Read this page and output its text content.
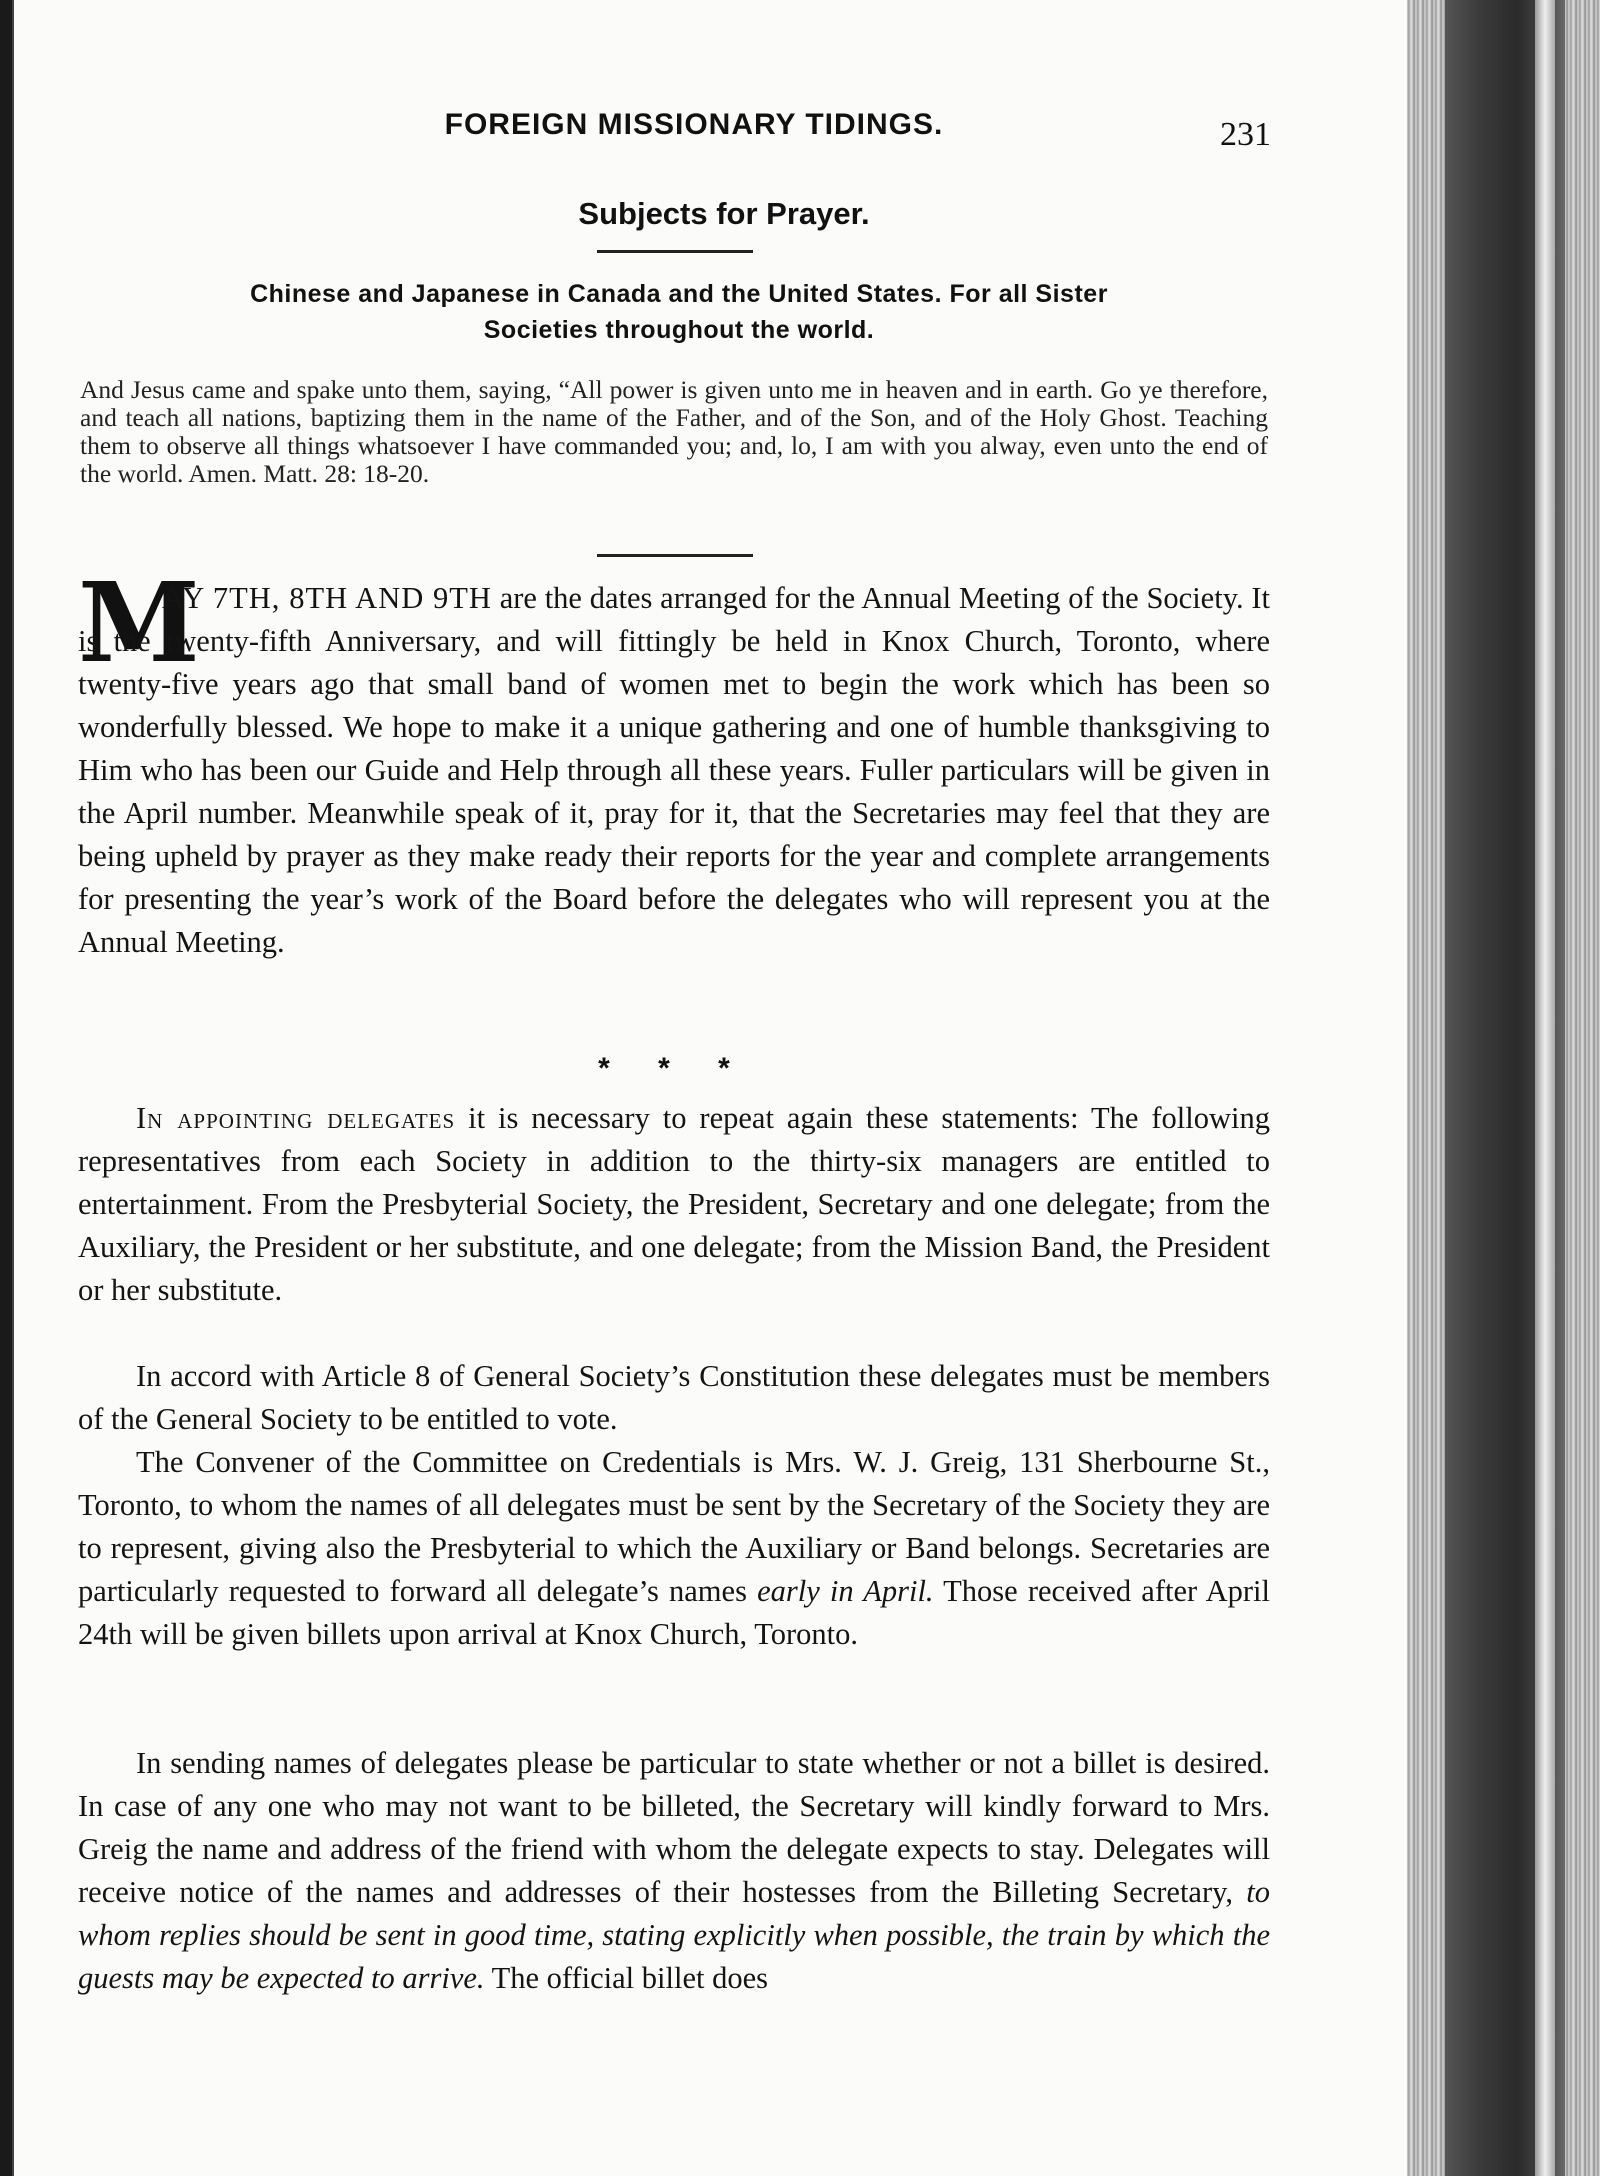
FOREIGN MISSIONARY TIDINGS.	231
Subjects for Prayer.
Chinese and Japanese in Canada and the United States. For all Sister
Societies throughout the world.
And Jesus came and spake unto them, saying, “All power is given unto me in heaven and in earth. Go ye therefore, and teach all nations, baptizing them in the name of the Father, and of the Son, and of the Holy Ghost. Teaching them to observe all things whatsoever I have commanded you; and, lo, I am with you alway, even unto the end of the world. Amen. Matt. 28: 18-20.
M

AY 7TH, 8TH AND 9TH are the dates arranged for the Annual Meeting of the Society. It is the twenty-fifth Anniversary, and will fittingly be held in Knox Church, Toronto, where twenty-five years ago that small band of women met to begin the work which has been so wonderfully blessed. We hope to make it a unique gathering and one of humble thanksgiving to Him who has been our Guide and Help through all these years. Fuller particulars will be given in the April number. Meanwhile speak of it, pray for it, that the Secretaries may feel that they are being upheld by prayer as they make ready their reports for the year and complete arrangements for presenting the year’s work of the Board before the delegates who will represent you at the Annual Meeting.

* * *

In appointing delegates it is necessary to repeat again these statements: The following representatives from each Society in addition to the thirty-six managers are entitled to entertainment. From the Presbyterial Society, the President, Secretary and one delegate; from the Auxiliary, the President or her substitute, and one delegate; from the Mission Band, the President or her substitute.

In accord with Article 8 of General Society’s Constitution these delegates must be members of the General Society to be entitled to vote.

The Convener of the Committee on Credentials is Mrs. W. J. Greig, 131 Sherbourne St., Toronto, to whom the names of all delegates must be sent by the Secretary of the Society they are to represent, giving also the Presbyterial to which the Auxiliary or Band belongs. Secretaries are particularly requested to forward all delegate’s names early in April. Those received after April 24th will be given billets upon arrival at Knox Church, Toronto.

In sending names of delegates please be particular to state whether or not a billet is desired. In case of any one who may not want to be billeted, the Secretary will kindly forward to Mrs. Greig the name and address of the friend with whom the delegate expects to stay. Delegates will receive notice of the names and addresses of their hostesses from the Billeting Secretary, to whom replies should be sent in good time, stating explicitly when possible, the train by which the guests may be expected to arrive. The official billet does
